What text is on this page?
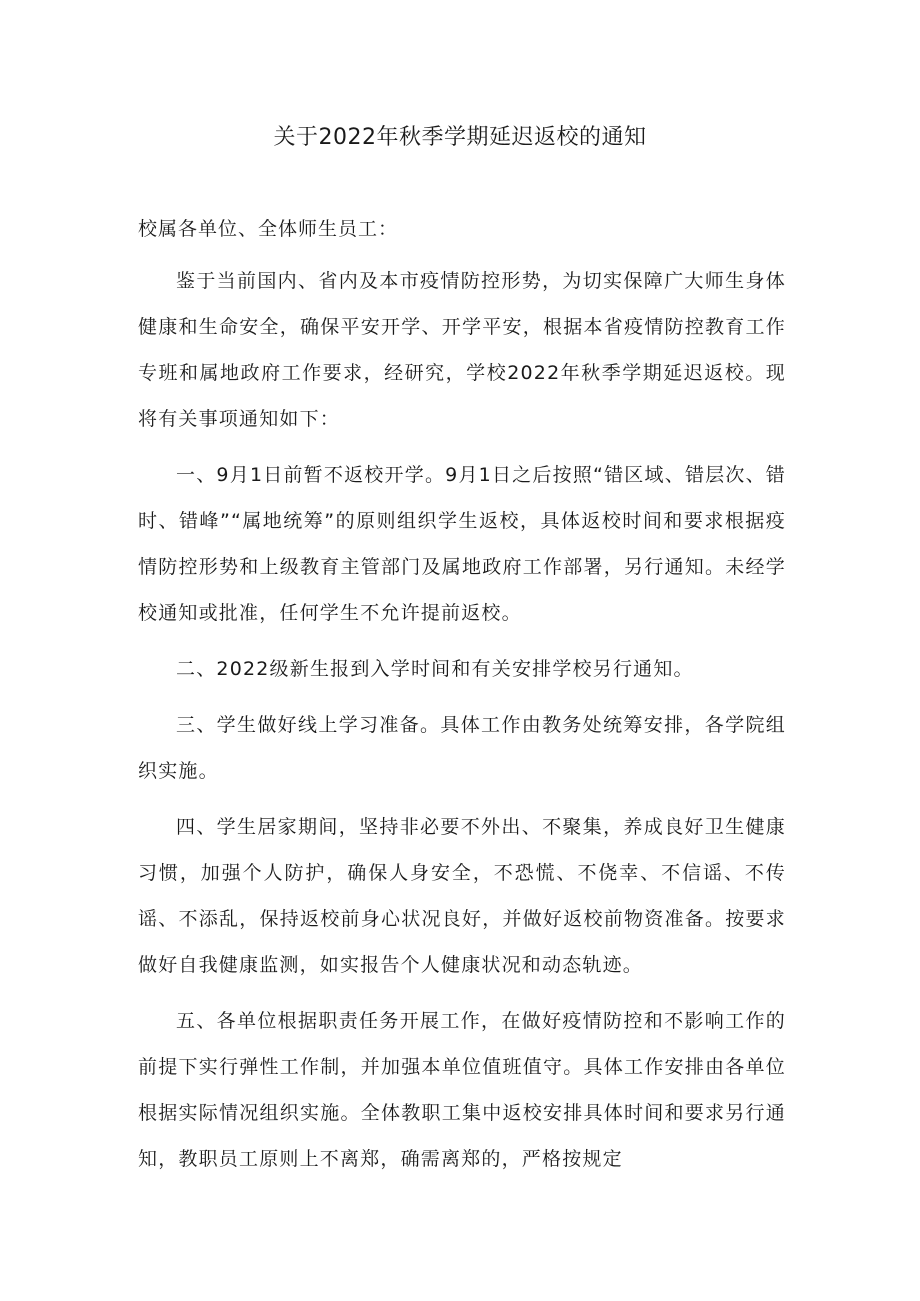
关于2022年秋季学期延迟返校的通知

校属各单位、全体师生员工：

鉴于当前国内、省内及本市疫情防控形势，为切实保障广大师生身体健康和生命安全，确保平安开学、开学平安，根据本省疫情防控教育工作专班和属地政府工作要求，经研究，学校2022年秋季学期延迟返校。现将有关事项通知如下：

一、9月1日前暂不返校开学。9月1日之后按照“错区域、错层次、错时、错峰”“属地统筹”的原则组织学生返校，具体返校时间和要求根据疫情防控形势和上级教育主管部门及属地政府工作部署，另行通知。未经学校通知或批准，任何学生不允许提前返校。

二、2022级新生报到入学时间和有关安排学校另行通知。

三、学生做好线上学习准备。具体工作由教务处统筹安排，各学院组织实施。

四、学生居家期间，坚持非必要不外出、不聚集，养成良好卫生健康习惯，加强个人防护，确保人身安全，不恐慌、不侥幸、不信谣、不传谣、不添乱，保持返校前身心状况良好，并做好返校前物资准备。按要求做好自我健康监测，如实报告个人健康状况和动态轨迹。

五、各单位根据职责任务开展工作，在做好疫情防控和不影响工作的前提下实行弹性工作制，并加强本单位值班值守。具体工作安排由各单位根据实际情况组织实施。全体教职工集中返校安排具体时间和要求另行通知，教职员工原则上不离郑，确需离郑的，严格按规定
